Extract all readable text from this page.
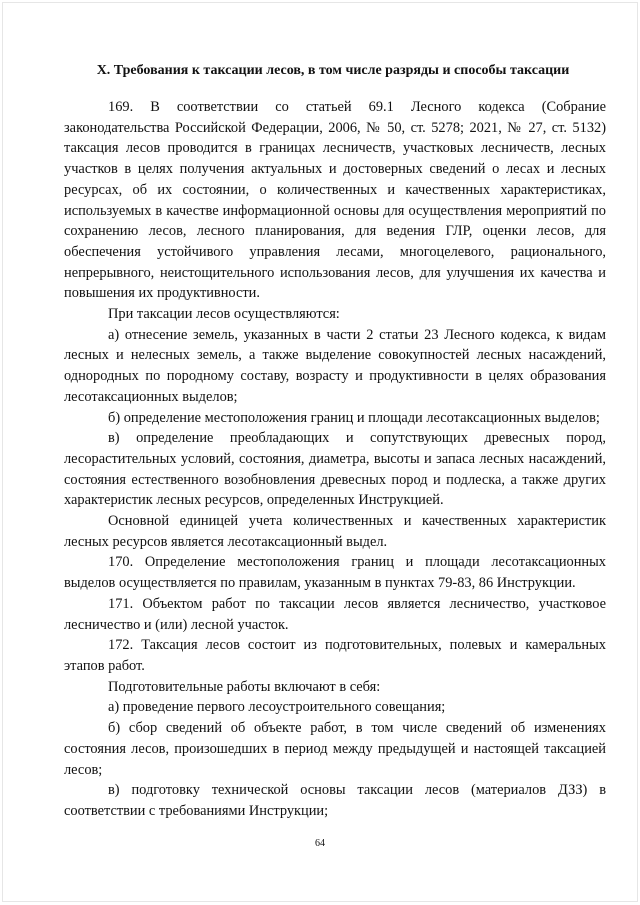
X. Требования к таксации лесов, в том числе разряды и способы таксации

169. В соответствии со статьей 69.1 Лесного кодекса (Собрание законодательства Российской Федерации, 2006, № 50, ст. 5278; 2021, № 27, ст. 5132) таксация лесов проводится в границах лесничеств, участковых лесничеств, лесных участков в целях получения актуальных и достоверных сведений о лесах и лесных ресурсах, об их состоянии, о количественных и качественных характеристиках, используемых в качестве информационной основы для осуществления мероприятий по сохранению лесов, лесного планирования, для ведения ГЛР, оценки лесов, для обеспечения устойчивого управления лесами, многоцелевого, рационального, непрерывного, неистощительного использования лесов, для улучшения их качества и повышения их продуктивности.

При таксации лесов осуществляются:

а) отнесение земель, указанных в части 2 статьи 23 Лесного кодекса, к видам лесных и нелесных земель, а также выделение совокупностей лесных насаждений, однородных по породному составу, возрасту и продуктивности в целях образования лесотаксационных выделов;

б) определение местоположения границ и площади лесотаксационных выделов;

в) определение преобладающих и сопутствующих древесных пород, лесорастительных условий, состояния, диаметра, высоты и запаса лесных насаждений, состояния естественного возобновления древесных пород и подлеска, а также других характеристик лесных ресурсов, определенных Инструкцией.

Основной единицей учета количественных и качественных характеристик лесных ресурсов является лесотаксационный выдел.

170. Определение местоположения границ и площади лесотаксационных выделов осуществляется по правилам, указанным в пунктах 79-83, 86 Инструкции.

171. Объектом работ по таксации лесов является лесничество, участковое лесничество и (или) лесной участок.

172. Таксация лесов состоит из подготовительных, полевых и камеральных этапов работ.

Подготовительные работы включают в себя:

а) проведение первого лесоустроительного совещания;

б) сбор сведений об объекте работ, в том числе сведений об изменениях состояния лесов, произошедших в период между предыдущей и настоящей таксацией лесов;

в) подготовку технической основы таксации лесов (материалов ДЗЗ) в соответствии с требованиями Инструкции;

64
